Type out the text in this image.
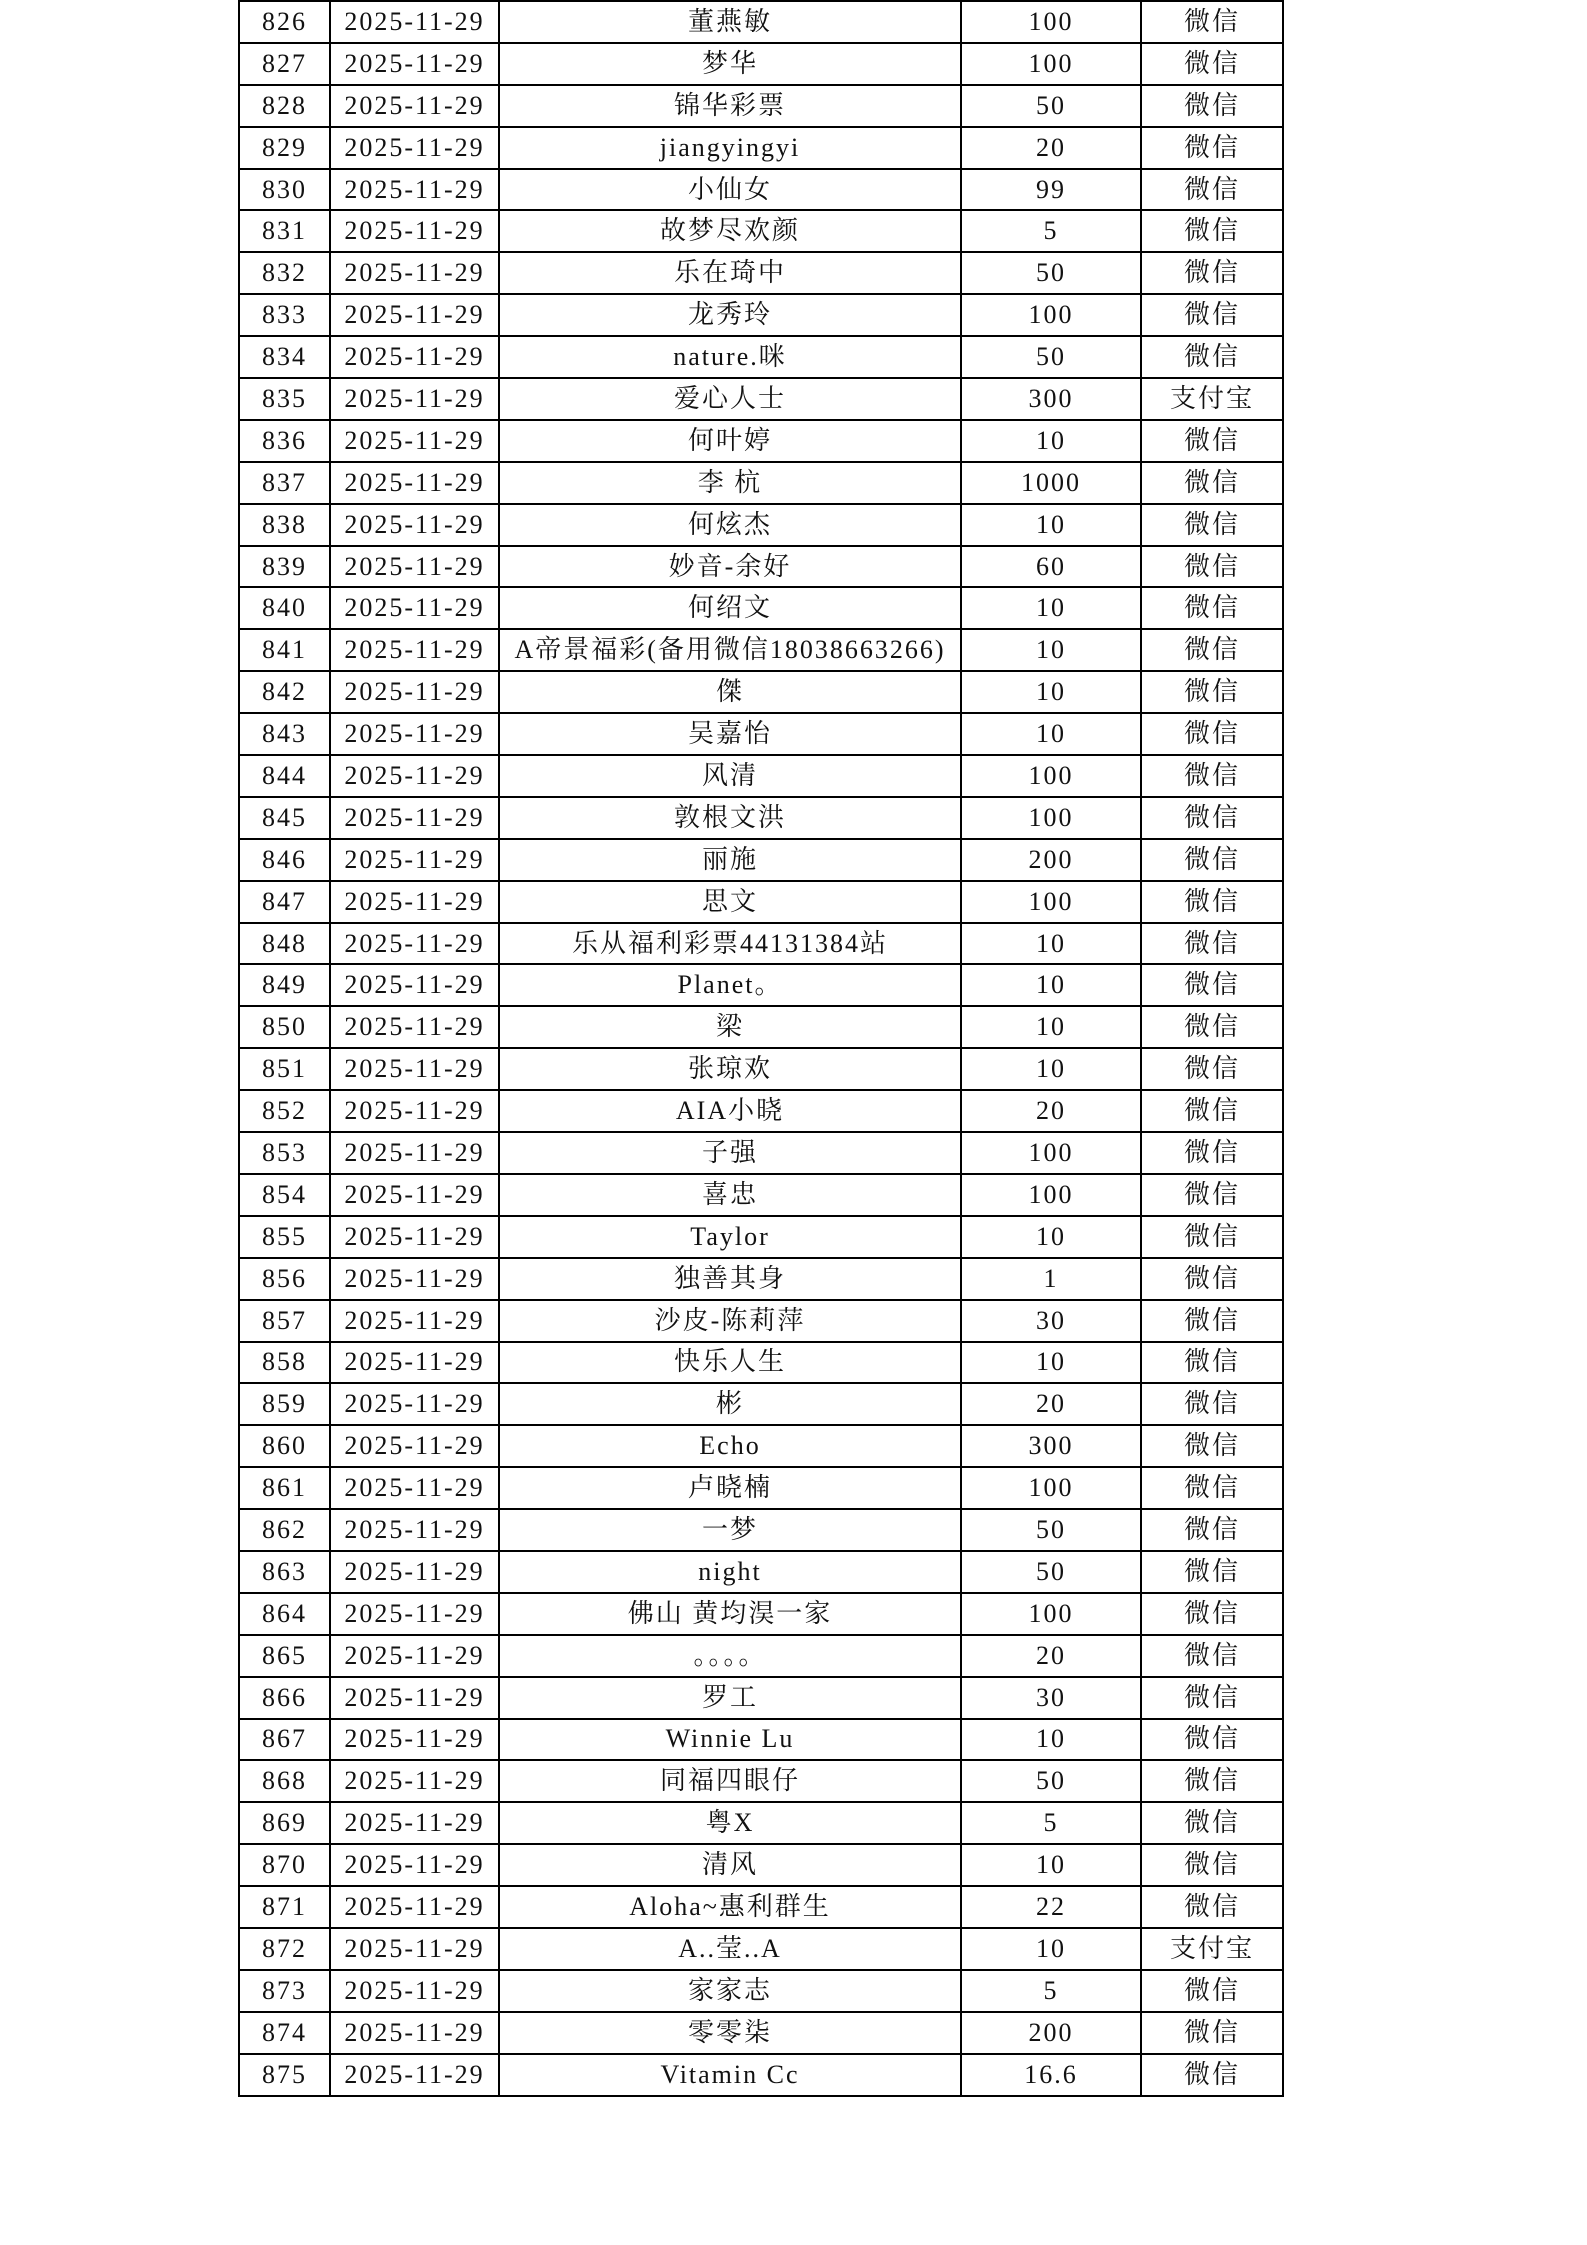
826	2025-11-29	董燕敏	100	微信
827	2025-11-29	梦华	100	微信
828	2025-11-29	锦华彩票	50	微信
829	2025-11-29	jiangyingyi	20	微信
830	2025-11-29	小仙女	99	微信
831	2025-11-29	故梦尽欢颜	5	微信
832	2025-11-29	乐在琦中	50	微信
833	2025-11-29	龙秀玲	100	微信
834	2025-11-29	nature.咪	50	微信
835	2025-11-29	爱心人士	300	支付宝
836	2025-11-29	何叶婷	10	微信
837	2025-11-29	李 杭	1000	微信
838	2025-11-29	何炫杰	10	微信
839	2025-11-29	妙音-余好	60	微信
840	2025-11-29	何绍文	10	微信
841	2025-11-29	A帝景福彩(备用微信18038663266)	10	微信
842	2025-11-29	傑	10	微信
843	2025-11-29	吴嘉怡	10	微信
844	2025-11-29	风清	100	微信
845	2025-11-29	敦根文洪	100	微信
846	2025-11-29	丽施	200	微信
847	2025-11-29	思文	100	微信
848	2025-11-29	乐从福利彩票44131384站	10	微信
849	2025-11-29	Planet。	10	微信
850	2025-11-29	梁	10	微信
851	2025-11-29	张琼欢	10	微信
852	2025-11-29	AIA小晓	20	微信
853	2025-11-29	子强	100	微信
854	2025-11-29	喜忠	100	微信
855	2025-11-29	Taylor	10	微信
856	2025-11-29	独善其身	1	微信
857	2025-11-29	沙皮-陈莉萍	30	微信
858	2025-11-29	快乐人生	10	微信
859	2025-11-29	彬	20	微信
860	2025-11-29	Echo	300	微信
861	2025-11-29	卢晓楠	100	微信
862	2025-11-29	一梦	50	微信
863	2025-11-29	night	50	微信
864	2025-11-29	佛山 黄均淏一家	100	微信
865	2025-11-29	。。。。	20	微信
866	2025-11-29	罗工	30	微信
867	2025-11-29	Winnie Lu	10	微信
868	2025-11-29	同福四眼仔	50	微信
869	2025-11-29	粤X	5	微信
870	2025-11-29	清风	10	微信
871	2025-11-29	Aloha~惠利群生	22	微信
872	2025-11-29	A..莹..A	10	支付宝
873	2025-11-29	家家志	5	微信
874	2025-11-29	零零柒	200	微信
875	2025-11-29	Vitamin Cc	16.6	微信
